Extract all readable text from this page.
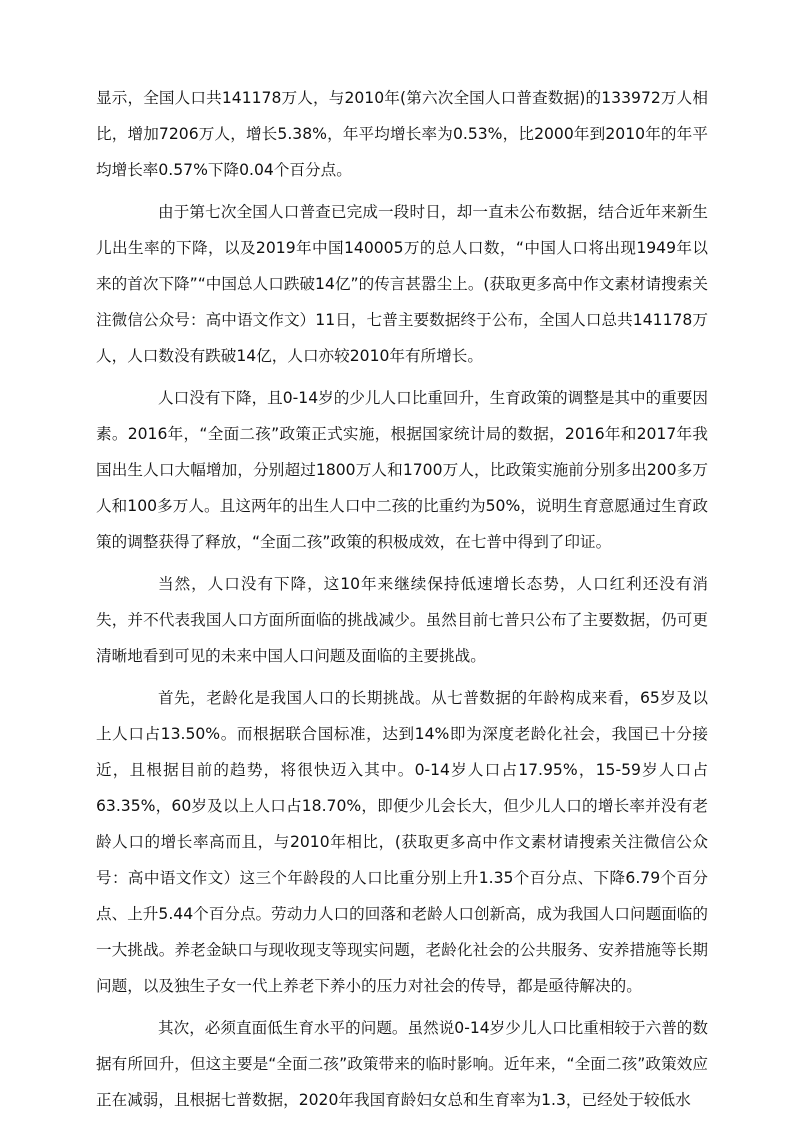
显示，全国人口共141178万人，与2010年(第六次全国人口普查数据)的133972万人相比，增加7206万人，增长5.38%，年平均增长率为0.53%，比2000年到2010年的年平均增长率0.57%下降0.04个百分点。

由于第七次全国人口普查已完成一段时日，却一直未公布数据，结合近年来新生儿出生率的下降，以及2019年中国140005万的总人口数，“中国人口将出现1949年以来的首次下降”“中国总人口跌破14亿”的传言甚嚣尘上。(获取更多高中作文素材请搜索关注微信公众号：高中语文作文）11日，七普主要数据终于公布，全国人口总共141178万人，人口数没有跌破14亿，人口亦较2010年有所增长。

人口没有下降，且0-14岁的少儿人口比重回升，生育政策的调整是其中的重要因素。2016年，“全面二孩”政策正式实施，根据国家统计局的数据，2016年和2017年我国出生人口大幅增加，分别超过1800万人和1700万人，比政策实施前分别多出200多万人和100多万人。且这两年的出生人口中二孩的比重约为50%，说明生育意愿通过生育政策的调整获得了释放，“全面二孩”政策的积极成效，在七普中得到了印证。

当然，人口没有下降，这10年来继续保持低速增长态势，人口红利还没有消失，并不代表我国人口方面所面临的挑战减少。虽然目前七普只公布了主要数据，仍可更清晰地看到可见的未来中国人口问题及面临的主要挑战。

首先，老龄化是我国人口的长期挑战。从七普数据的年龄构成来看，65岁及以上人口占13.50%。而根据联合国标准，达到14%即为深度老龄化社会，我国已十分接近，且根据目前的趋势，将很快迈入其中。0-14岁人口占17.95%，15-59岁人口占63.35%，60岁及以上人口占18.70%，即便少儿会长大，但少儿人口的增长率并没有老龄人口的增长率高而且，与2010年相比，(获取更多高中作文素材请搜索关注微信公众号：高中语文作文）这三个年龄段的人口比重分别上升1.35个百分点、下降6.79个百分点、上升5.44个百分点。劳动力人口的回落和老龄人口创新高，成为我国人口问题面临的一大挑战。养老金缺口与现收现支等现实问题，老龄化社会的公共服务、安养措施等长期问题，以及独生子女一代上养老下养小的压力对社会的传导，都是亟待解决的。

其次，必须直面低生育水平的问题。虽然说0-14岁少儿人口比重相较于六普的数据有所回升，但这主要是“全面二孩”政策带来的临时影响。近年来，“全面二孩”政策效应正在减弱，且根据七普数据，2020年我国育龄妇女总和生育率为1.3，已经处于较低水
